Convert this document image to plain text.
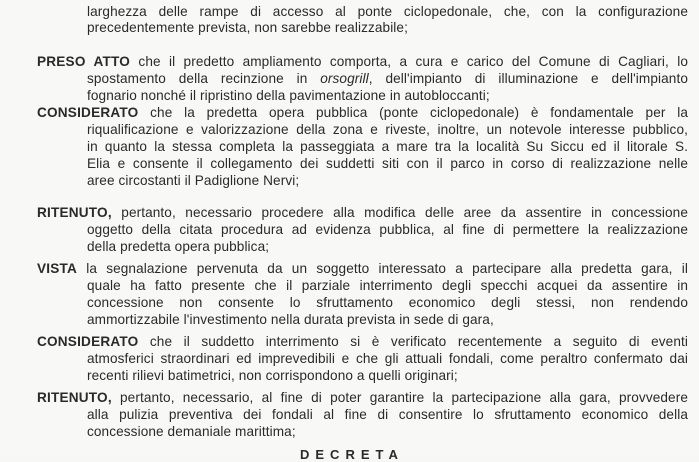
larghezza delle rampe di accesso al ponte ciclopedonale, che, con la configurazione
precedentemente prevista, non sarebbe realizzabile;
PRESO ATTO che il predetto ampliamento comporta, a cura e carico del Comune di Cagliari, lo
spostamento della recinzione in orsogrill, dell'impianto di illuminazione e dell'impianto
fognario nonché il ripristino della pavimentazione in autobloccanti;
CONSIDERATO che la predetta opera pubblica (ponte ciclopedonale) è fondamentale per la
riqualificazione e valorizzazione della zona e riveste, inoltre, un notevole interesse pubblico,
in quanto la stessa completa la passeggiata a mare tra la località Su Siccu ed il litorale S.
Elia e consente il collegamento dei suddetti siti con il parco in corso di realizzazione nelle
aree circostanti il Padiglione Nervi;
RITENUTO, pertanto, necessario procedere alla modifica delle aree da assentire in concessione
oggetto della citata procedura ad evidenza pubblica, al fine di permettere la realizzazione
della predetta opera pubblica;
VISTA la segnalazione pervenuta da un soggetto interessato a partecipare alla predetta gara, il
quale ha fatto presente che il parziale interrimento degli specchi acquei da assentire in
concessione non consente lo sfruttamento economico degli stessi, non rendendo
ammortizzabile l'investimento nella durata prevista in sede di gara,
CONSIDERATO che il suddetto interrimento si è verificato recentemente a seguito di eventi
atmosferici straordinari ed imprevedibili e che gli attuali fondali, come peraltro confermato dai
recenti rilievi batimetrici, non corrispondono a quelli originari;
RITENUTO, pertanto, necessario, al fine di poter garantire la partecipazione alla gara, provvedere
alla pulizia preventiva dei fondali al fine di consentire lo sfruttamento economico della
concessione demaniale marittima;
DECRETA
